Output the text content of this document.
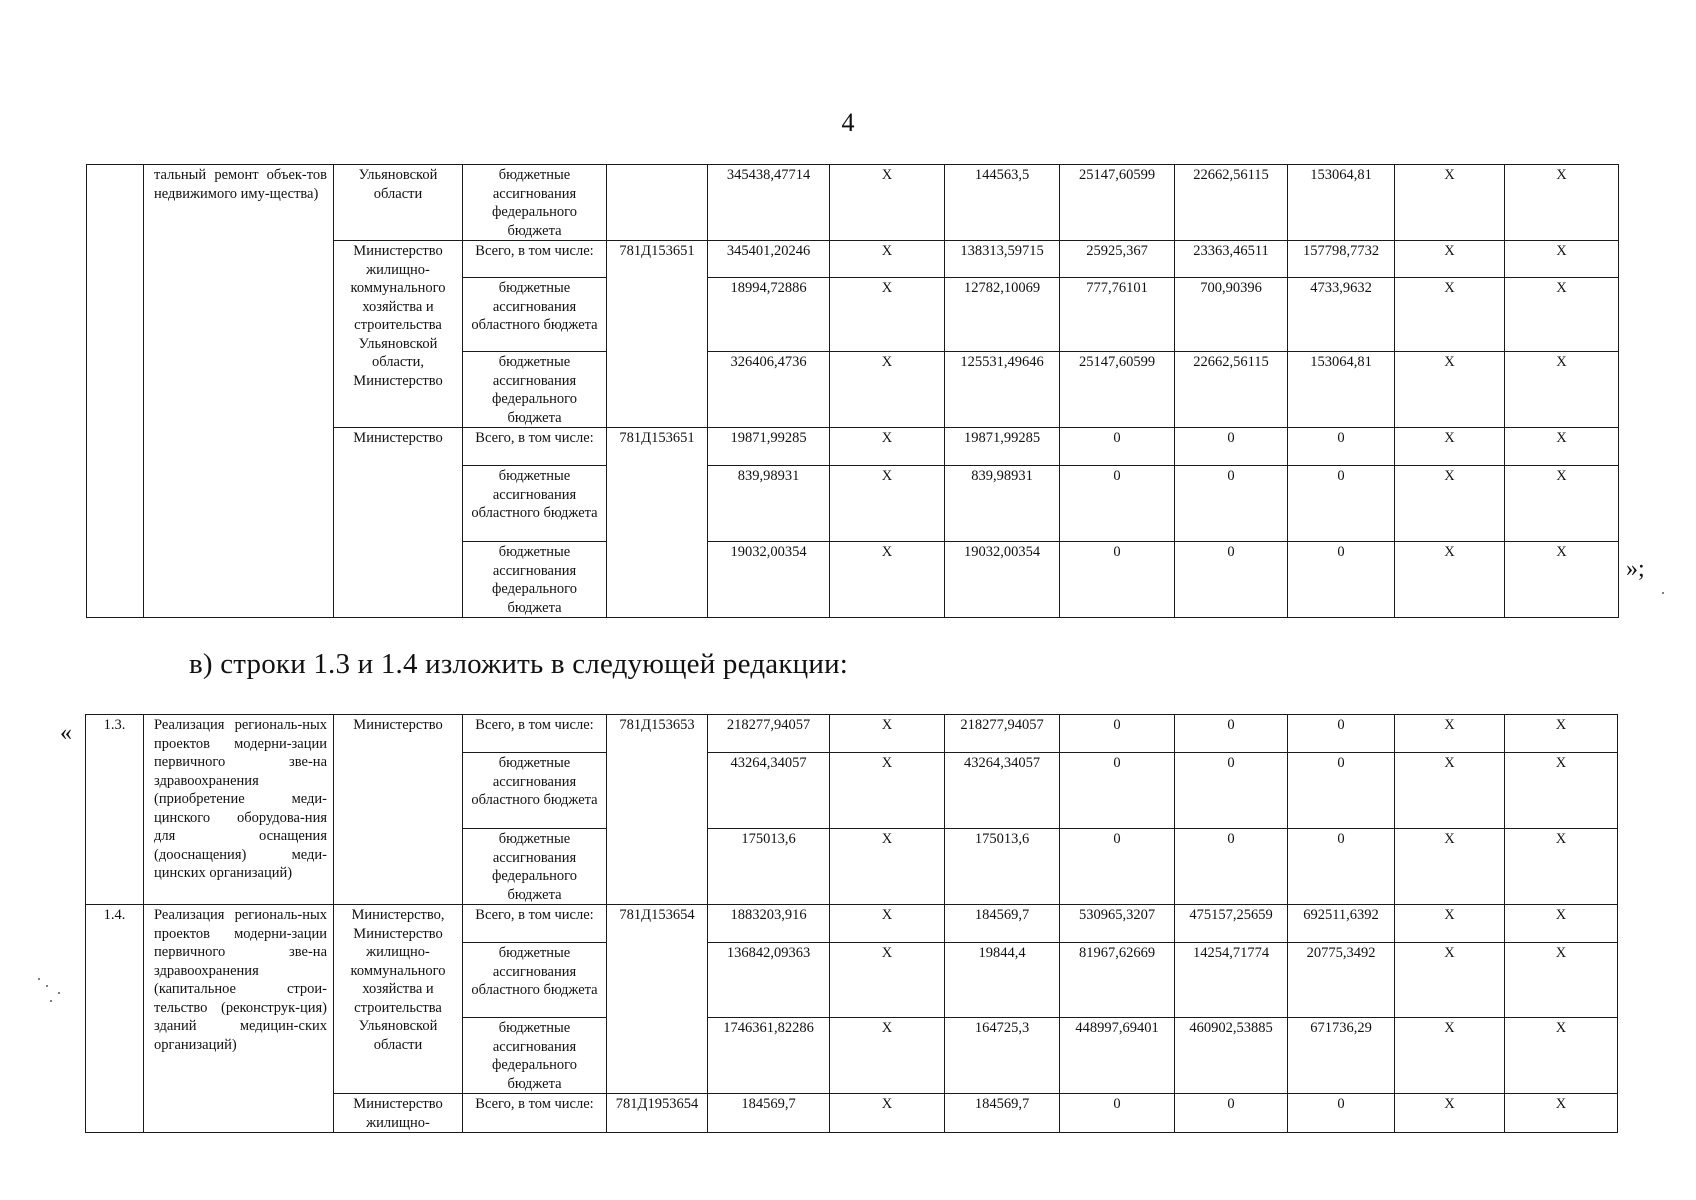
4
	тальный ремонт объек-тов недвижимого иму-щества)	Ульяновской области	бюджетные ассигнования федерального бюджета		345438,47714	X	144563,5	25147,60599	22662,56115	153064,81	X	X
		Министерство жилищно-коммунального хозяйства и строительства Ульяновской области, Министерство	Всего, в том числе:	781Д153651	345401,20246	X	138313,59715	25925,367	23363,46511	157798,7732	X	X
			бюджетные ассигнования областного бюджета		18994,72886	X	12782,10069	777,76101	700,90396	4733,9632	X	X
			бюджетные ассигнования федерального бюджета		326406,4736	X	125531,49646	25147,60599	22662,56115	153064,81	X	X
		Министерство	Всего, в том числе:	781Д153651	19871,99285	X	19871,99285	0	0	0	X	X
			бюджетные ассигнования областного бюджета		839,98931	X	839,98931	0	0	0	X	X
			бюджетные ассигнования федерального бюджета		19032,00354	X	19032,00354	0	0	0	X	X
»;
в) строки 1.3 и 1.4 изложить в следующей редакции:
« 1.3.	Реализация региональ-ных проектов модерни-зации первичного зве-на здравоохранения (приобретение меди-цинского оборудова-ния для оснащения (дооснащения) меди-цинских организаций)	Министерство	Всего, в том числе:	781Д153653	218277,94057	X	218277,94057	0	0	0	X	X
			бюджетные ассигнования областного бюджета		43264,34057	X	43264,34057	0	0	0	X	X
			бюджетные ассигнования федерального бюджета		175013,6	X	175013,6	0	0	0	X	X
1.4.	Реализация региональ-ных проектов модерни-зации первичного зве-на здравоохранения (капитальное строи-тельство (реконструк-ция) зданий медицин-ских организаций)	Министерство, Министерство жилищно-коммунального хозяйства и строительства Ульяновской области	Всего, в том числе:	781Д153654	1883203,916	X	184569,7	530965,3207	475157,25659	692511,6392	X	X
			бюджетные ассигнования областного бюджета		136842,09363	X	19844,4	81967,62669	14254,71774	20775,3492	X	X
			бюджетные ассигнования федерального бюджета		1746361,82286	X	164725,3	448997,69401	460902,53885	671736,29	X	X
		Министерство жилищно-	Всего, в том числе:	781Д1953654	184569,7	X	184569,7	0	0	0	X	X
